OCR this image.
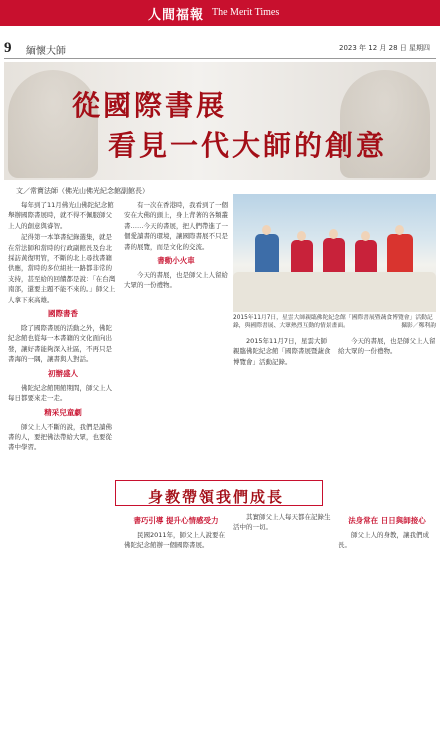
人間福報 The Merit Times
9 緬懷大師	2023 年 12 月 28 日 星期四
從國際書展
看見一代大師的創意
文／常寶法師（佛光山佛光紀念館副館長）

每年到了11月佛光山佛陀紀念館舉辦國際書展時，就不得不佩服師父上人的創意與睿智。

記得第一本筆書紀錄選集，就是在常法師和當時的行政副館長及台北採訪黃復明管，不斷的北上尋找書籍供應，當時的多位組社一路都非常的支持，甚至給的回饋都是說：「在台灣南部，還要主題不能不來的。」師父上人拿下來高雄。

國際書香

除了國際書展的活動之外，佛陀紀念館也從每一本書籍的文化面向出發，讓好書能夠深入社區，不再只是書海的一隅，讓書與人對話。

初辦盛人

佛陀紀念館開館期間，師父上人每日都要來走一走。

精采兒童劇

師父上人不斷的說，我們是讀佛書的人，要把佛法帶給大眾，也要從書中學習。

有一次在香港時，我看到了一個安在大佛的頭上，身上背著的各類叢書……今天的書展，把人們帶進了一個愛讀書的環境，讓國際書展不只是書的展覽，而是文化的交流。

書動小火車

今天的書展，也是師父上人留給大眾的一份禮物。

2015年11月7日，星雲大師親臨佛陀紀念館「國際書展暨蔬食博覽會」活動記錄，與國際書展、大眾熱烈互動的情景畫面。	攝影／鄭利韵

2015年11月7日，星雲大師親臨佛陀紀念館「國際書展暨蔬食博覽會」活動記錄。

今天的書展，也是師父上人留給大眾的一份禮物。

身教帶領我們成長
書巧引導 提升心情感受力

民國2011年，師父上人說要在佛陀紀念館辦一個國際書展。

其實師父上人每天都在記錄生活中的一切。

法身常在 日日與師接心

師父上人的身教，讓我們成長。
